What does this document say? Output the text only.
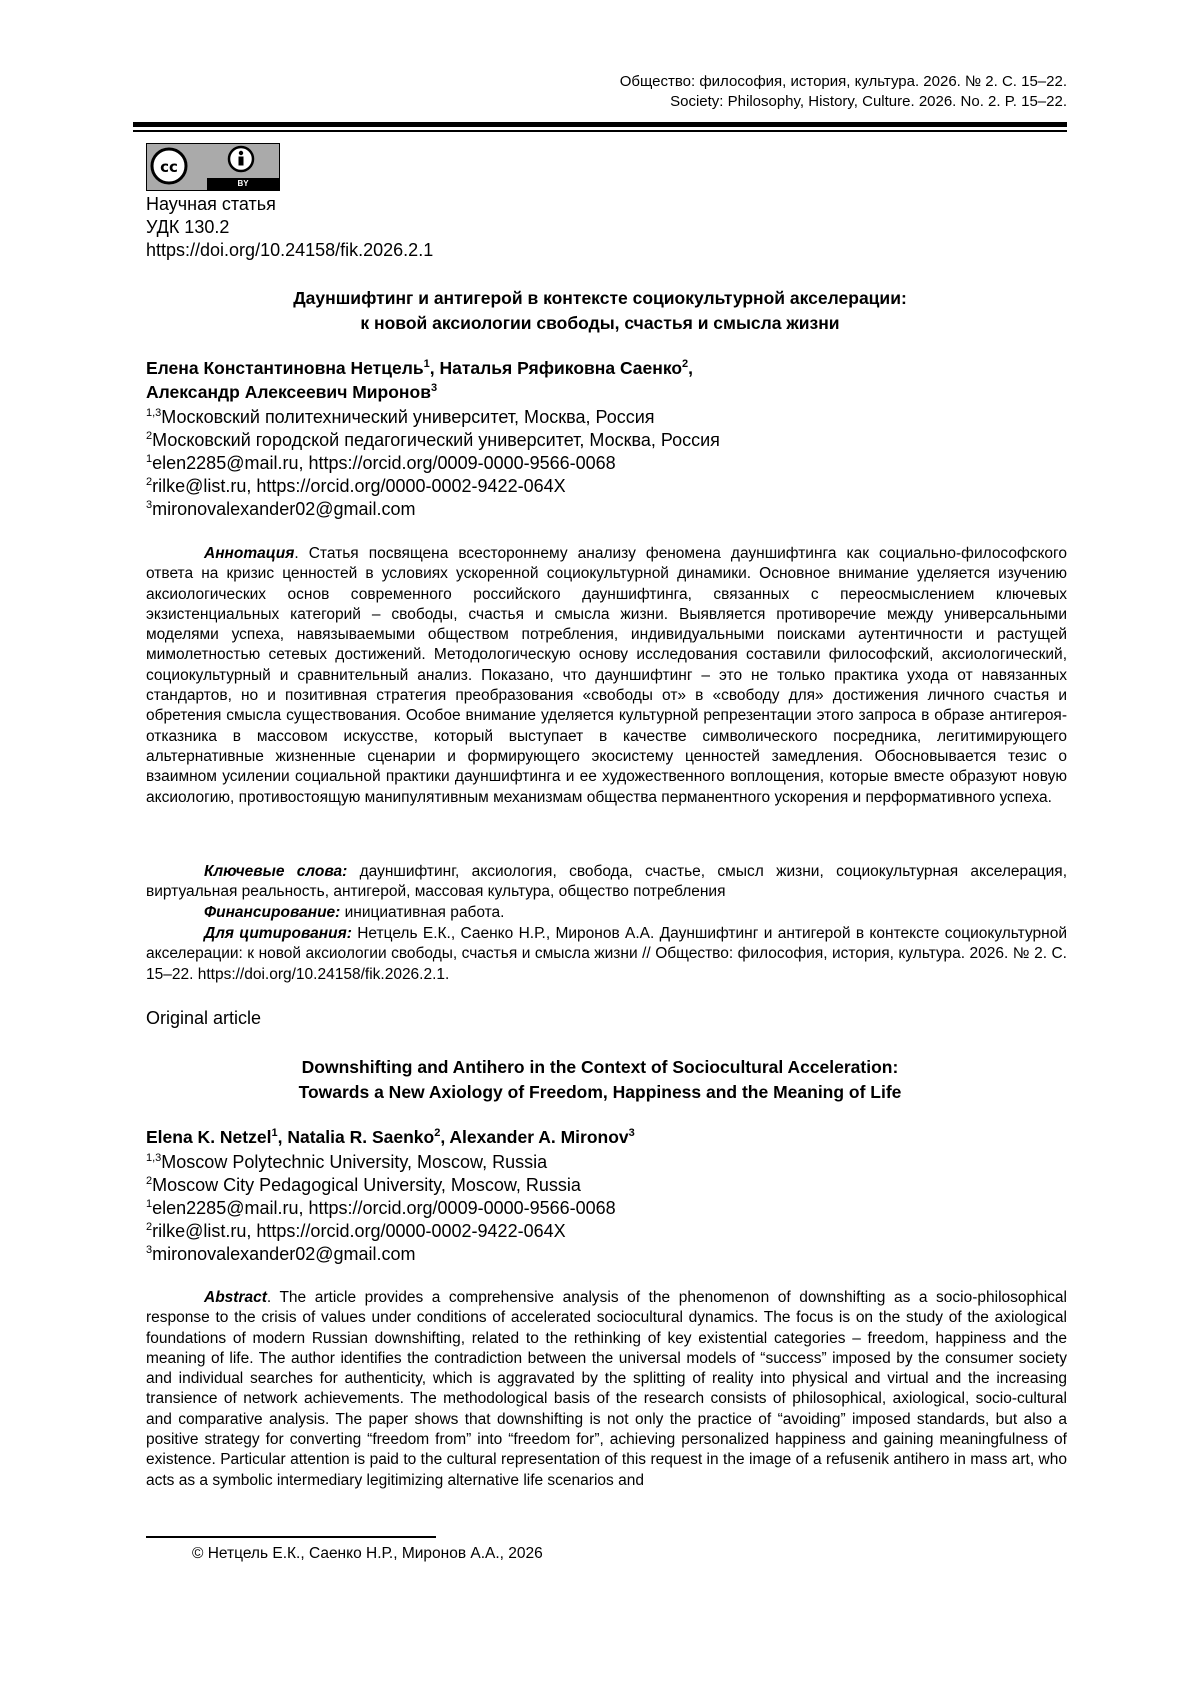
Общество: философия, история, культура. 2026. № 2. С. 15–22.
Society: Philosophy, History, Culture. 2026. No. 2. P. 15–22.
cc
BY
Научная статья
УДК 130.2
https://doi.org/10.24158/fik.2026.2.1
Дауншифтинг и антигерой в контексте социокультурной акселерации:
к новой аксиологии свободы, счастья и смысла жизни
Елена Константиновна Нетцель$^1$, Наталья Ряфиковна Саенко$^2$,
Александр Алексеевич Миронов$^3$
$^{1,3}$Московский политехнический университет, Москва, Россия
$^2$Московский городской педагогический университет, Москва, Россия
$^1$elen2285@mail.ru, https://orcid.org/0009-0000-9566-0068
$^2$rilke@list.ru, https://orcid.org/0000-0002-9422-064X
$^3$mironovalexander02@gmail.com
Аннотация. Статья посвящена всестороннему анализу феномена дауншифтинга как социально-философского ответа на кризис ценностей в условиях ускоренной социокультурной динамики. Основное внимание уделяется изучению аксиологических основ современного российского дауншифтинга, связанных с переосмыслением ключевых экзистенциальных категорий – свободы, счастья и смысла жизни. Выявляется противоречие между универсальными моделями успеха, навязываемыми обществом потребления, индивидуальными поисками аутентичности и растущей мимолетностью сетевых достижений. Методологическую основу исследования составили философский, аксиологический, социокультурный и сравнительный анализ. Показано, что дауншифтинг – это не только практика ухода от навязанных стандартов, но и позитивная стратегия преобразования «свободы от» в «свободу для» достижения личного счастья и обретения смысла существования. Особое внимание уделяется культурной репрезентации этого запроса в образе антигероя-отказника в массовом искусстве, который выступает в качестве символического посредника, легитимирующего альтернативные жизненные сценарии и формирующего экосистему ценностей замедления. Обосновывается тезис о взаимном усилении социальной практики дауншифтинга и ее художественного воплощения, которые вместе образуют новую аксиологию, противостоящую манипулятивным механизмам общества перманентного ускорения и перформативного успеха.
Ключевые слова: дауншифтинг, аксиология, свобода, счастье, смысл жизни, социокультурная акселерация, виртуальная реальность, антигерой, массовая культура, общество потребления
Финансирование: инициативная работа.
Для цитирования: Нетцель Е.К., Саенко Н.Р., Миронов А.А. Дауншифтинг и антигерой в контексте социокультурной акселерации: к новой аксиологии свободы, счастья и смысла жизни // Общество: философия, история, культура. 2026. № 2. С. 15–22. https://doi.org/10.24158/fik.2026.2.1.
Original article
Downshifting and Antihero in the Context of Sociocultural Acceleration:
Towards a New Axiology of Freedom, Happiness and the Meaning of Life
Elena K. Netzel$^1$, Natalia R. Saenko$^2$, Alexander A. Mironov$^3$
$^{1,3}$Moscow Polytechnic University, Moscow, Russia
$^2$Moscow City Pedagogical University, Moscow, Russia
$^1$elen2285@mail.ru, https://orcid.org/0009-0000-9566-0068
$^2$rilke@list.ru, https://orcid.org/0000-0002-9422-064X
$^3$mironovalexander02@gmail.com
Abstract. The article provides a comprehensive analysis of the phenomenon of downshifting as a socio-philosophical response to the crisis of values under conditions of accelerated sociocultural dynamics. The focus is on the study of the axiological foundations of modern Russian downshifting, related to the rethinking of key existential categories – freedom, happiness and the meaning of life. The author identifies the contradiction between the universal models of “success” imposed by the consumer society and individual searches for authenticity, which is aggravated by the splitting of reality into physical and virtual and the increasing transience of network achievements. The methodological basis of the research consists of philosophical, axiological, socio-cultural and comparative analysis. The paper shows that downshifting is not only the practice of “avoiding” imposed standards, but also a positive strategy for converting “freedom from” into “freedom for”, achieving personalized happiness and gaining meaningfulness of existence. Particular attention is paid to the cultural representation of this request in the image of a refusenik antihero in mass art, who acts as a symbolic intermediary legitimizing alternative life scenarios and
© Нетцель Е.К., Саенко Н.Р., Миронов А.А., 2026
